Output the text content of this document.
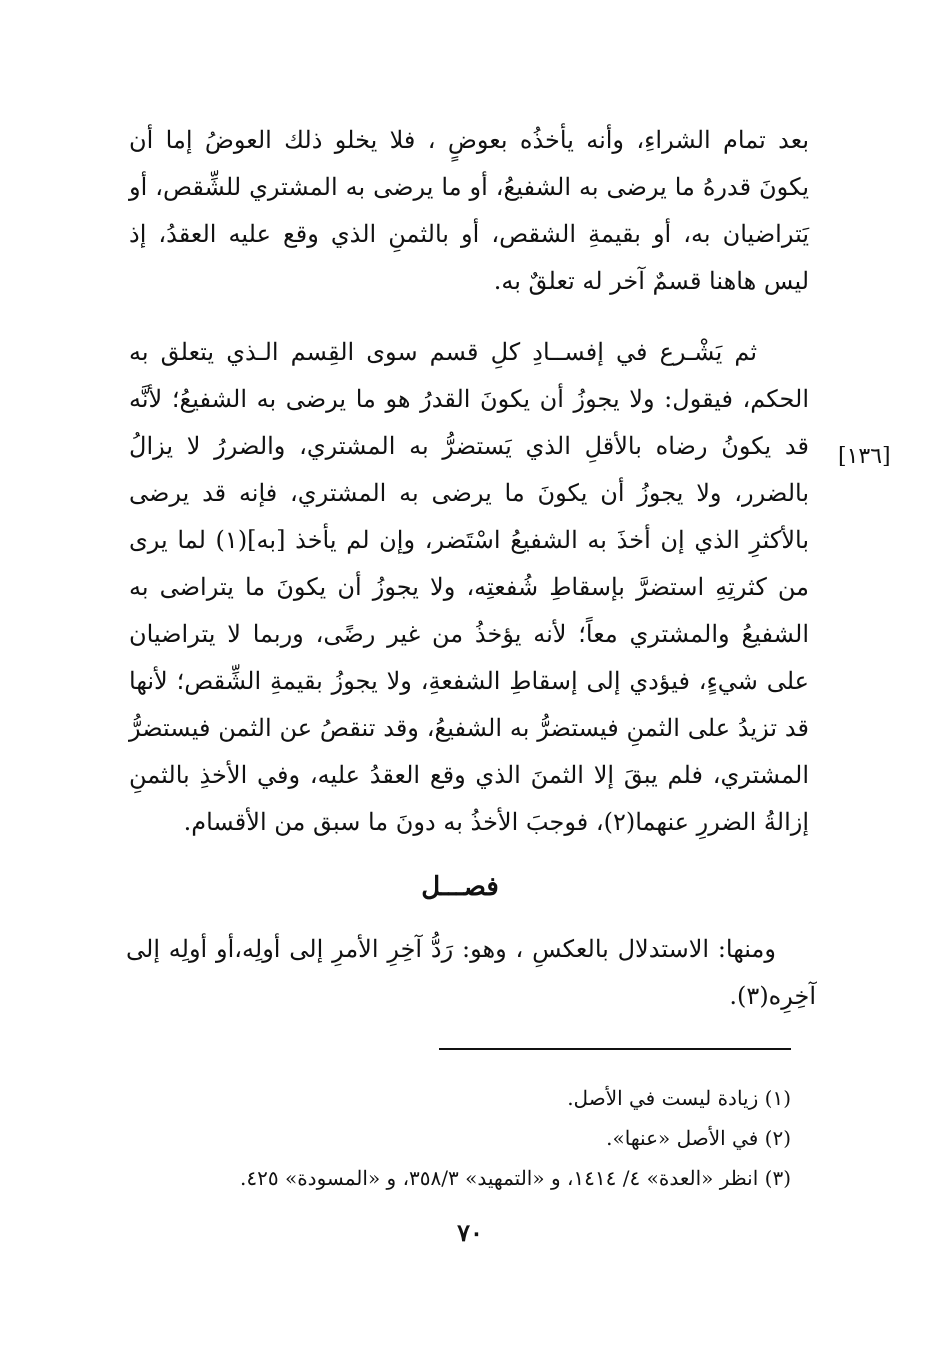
بعد تمام الشراءِ، وأنه يأخذُه بعوضٍ ، فلا يخلو ذلك العوضُ إما أن يكونَ قدرهُ ما يرضى به الشفيعُ، أو ما يرضى به المشتري للشِّقص، أو يَتراضيان به، أو بقيمةِ الشقص، أو بالثمنِ الذي وقع عليه العقدُ، إذ ليس هاهنا قسمٌ آخر له تعلقٌ به.
[١٣٦]
ثم يَشْـرع في إفســادِ كلِ قسم سوى القِسم الـذي يتعلق به الحكم، فيقول: ولا يجوزُ أن يكونَ القدرُ هو ما يرضى به الشفيعُ؛ لأنَّه قد يكونُ رضاه بالأقلِ الذي يَستضرُّ به المشتري، والضررُ لا يزالُ بالضرر، ولا يجوزُ أن يكونَ ما يرضى به المشتري، فإنه قد يرضى بالأكثرِ الذي إن أخذَ به الشفيعُ اسْتَضر، وإن لم يأخذ [به](١) لما يرى من كثرتِهِ استضرَّ بإسقاطِ شُفعتِه، ولا يجوزُ أن يكونَ ما يتراضى به الشفيعُ والمشتري معاً؛ لأنه يؤخذُ من غير رضًى، وربما لا يتراضيان على شيءٍ، فيؤدي إلى إسقاطِ الشفعةِ، ولا يجوزُ بقيمةِ الشِّقص؛ لأنها قد تزيدُ على الثمنِ فيستضرُّ به الشفيعُ، وقد تنقصُ عن الثمن فيستضرُّ المشتري، فلم يبقَ إلا الثمنَ الذي وقع العقدُ عليه، وفي الأخذِ بالثمنِ إزالةُ الضررِ عنهما(٢)، فوجبَ الأخذُ به دونَ ما سبق من الأقسام.
فصـــل
ومنها: الاستدلال بالعكسِ ، وهو: رَدُّ آخِرِ الأمرِ إلى أولِه،أو أولِه إلى آخِرِه(٣).
(١) زيادة ليست في الأصل.
(٢) في الأصل «عنها».
(٣) انظر «العدة» ٤/ ١٤١٤، و «التمهيد» ٣٥٨/٣، و «المسودة» ٤٢٥.
٧٠
